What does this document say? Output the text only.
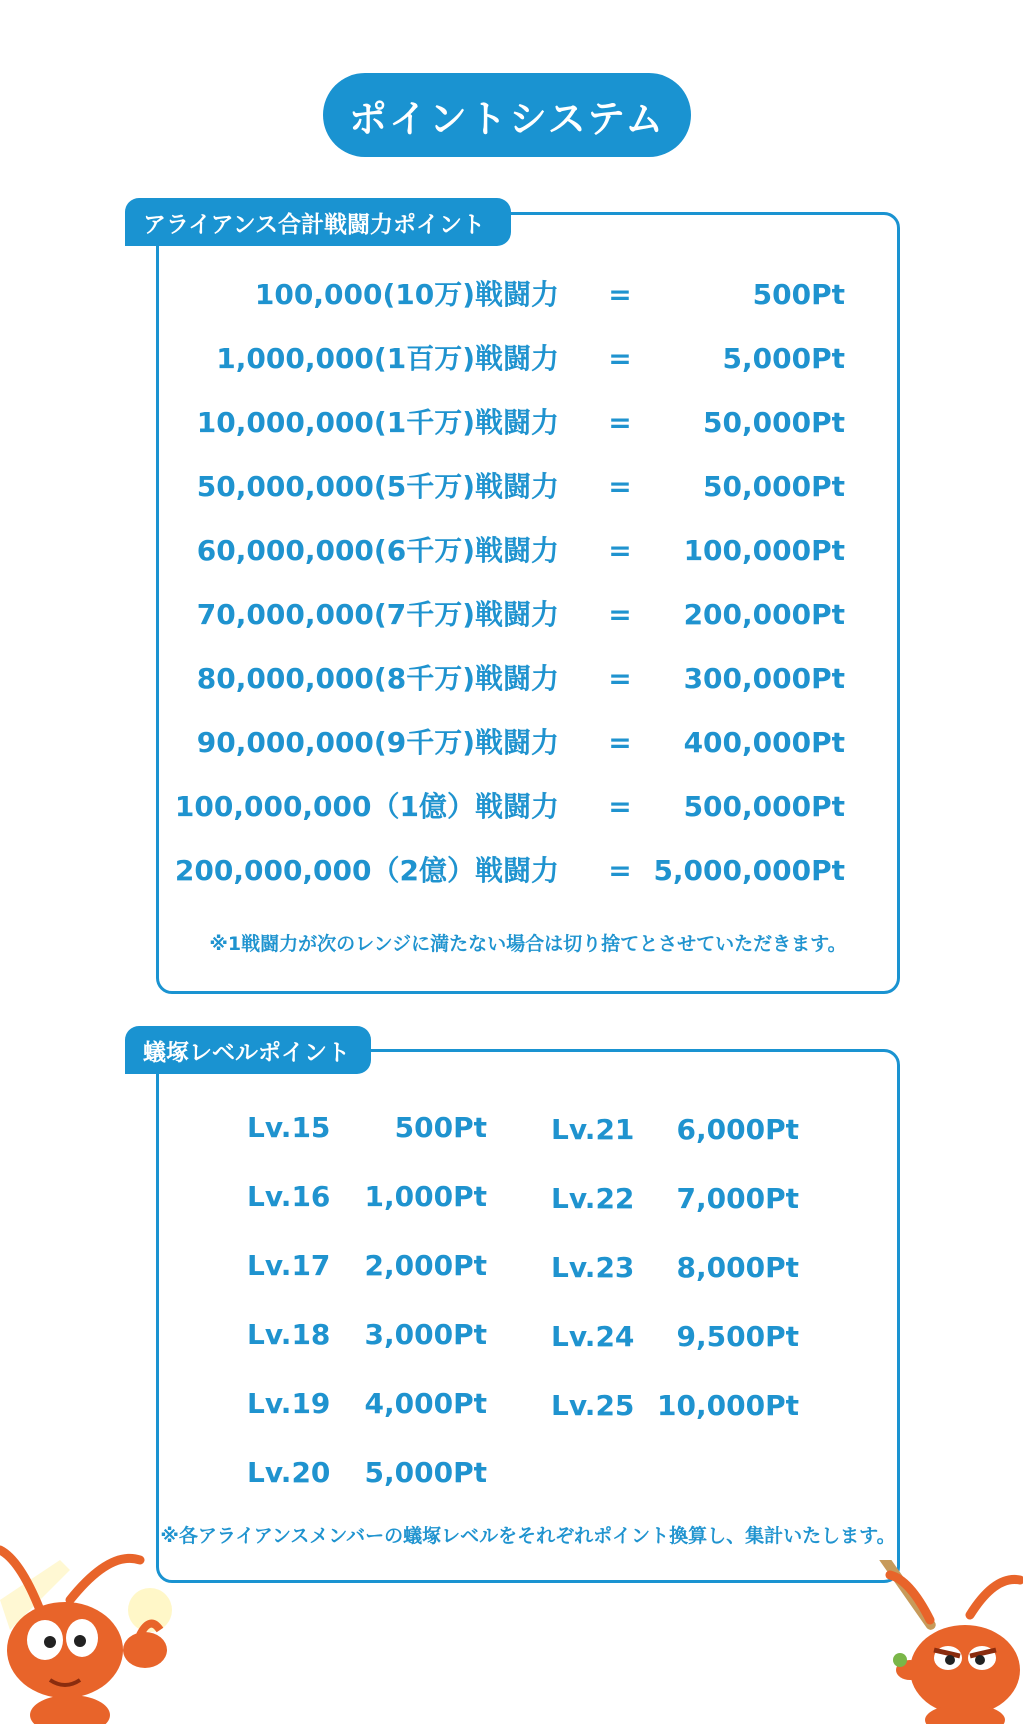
ポイントシステム
100,000(10万)戦闘力 =	500Pt
1,000,000(1百万)戦闘力 =	5,000Pt
10,000,000(1千万)戦闘力 =	50,000Pt
50,000,000(5千万)戦闘力 =	50,000Pt
60,000,000(6千万)戦闘力 = 100,000Pt
70,000,000(7千万)戦闘力 = 200,000Pt
80,000,000(8千万)戦闘力 = 300,000Pt
90,000,000(9千万)戦闘力 = 400,000Pt
100,000,000（1億）戦闘力 = 500,000Pt
200,000,000（2億）戦闘力 = 5,000,000Pt
※1戦闘力が次のレンジに満たない場合は切り捨てとさせていただきます。
アライアンス合計戦闘力ポイント
Lv.15 500Pt
Lv.16 1,000Pt
Lv.17 2,000Pt
Lv.18 3,000Pt
Lv.19 4,000Pt
Lv.20 5,000Pt
Lv.21 6,000Pt
Lv.22 7,000Pt
Lv.23 8,000Pt
Lv.24 9,500Pt
Lv.25 10,000Pt
※各アライアンスメンバーの蟻塚レベルをそれぞれポイント換算し、集計いたします。
蟻塚レベルポイント
